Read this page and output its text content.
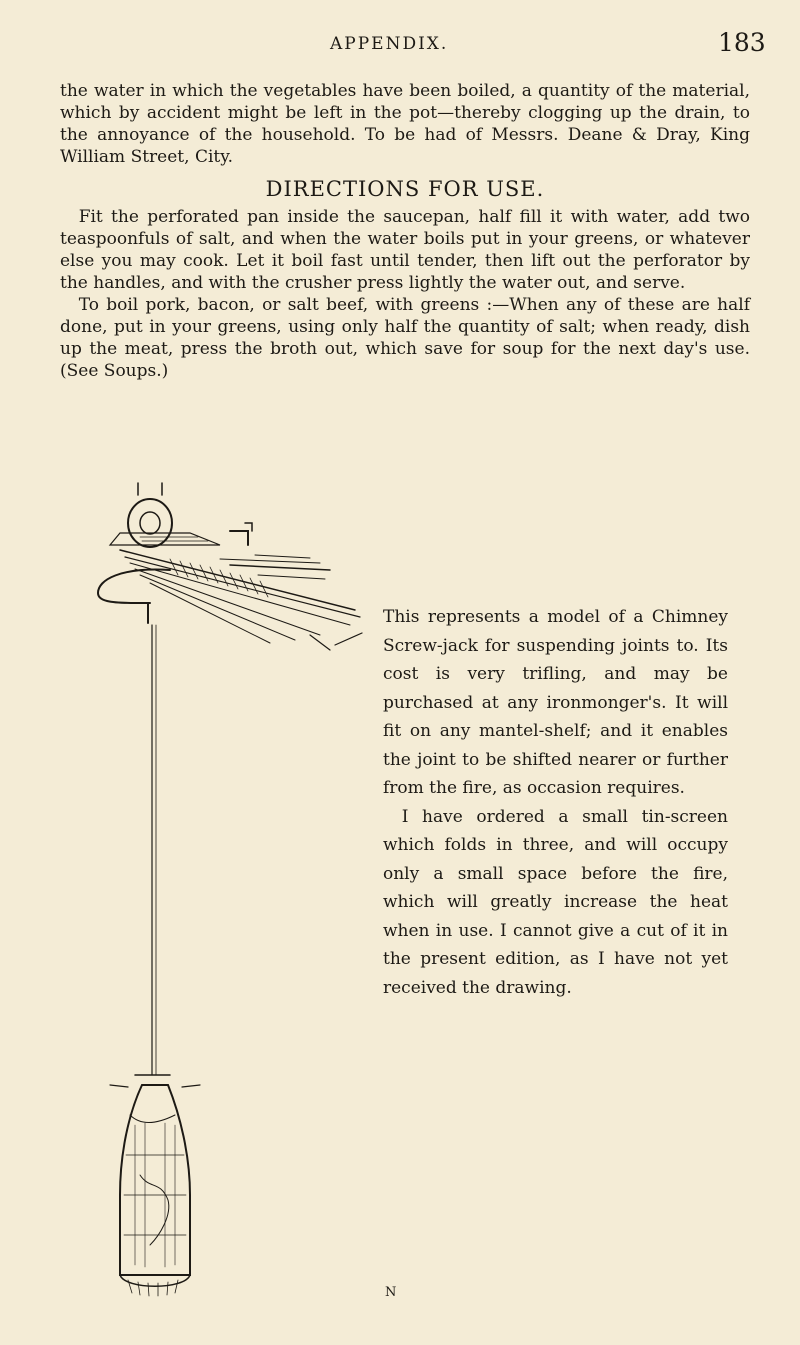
APPENDIX.	183

the water in which the vegetables have been boiled, a quantity of the material, which by accident might be left in the pot—thereby clogging up the drain, to the annoyance of the household. To be had of Messrs. Deane & Dray, King William Street, City.

DIRECTIONS FOR USE.

Fit the perforated pan inside the saucepan, half fill it with water, add two teaspoonfuls of salt, and when the water boils put in your greens, or whatever else you may cook. Let it boil fast until tender, then lift out the perforator by the handles, and with the crusher press lightly the water out, and serve.

To boil pork, bacon, or salt beef, with greens :—When any of these are half done, put in your greens, using only half the quantity of salt; when ready, dish up the meat, press the broth out, which save for soup for the next day's use. (See Soups.)

This represents a model of a Chimney Screw-jack for suspending joints to. Its cost is very trifling, and may be purchased at any ironmonger's. It will fit on any mantel-shelf; and it enables the joint to be shifted nearer or further from the fire, as occasion requires.

I have ordered a small tin-screen which folds in three, and will occupy only a small space before the fire, which will greatly increase the heat when in use. I cannot give a cut of it in the present edition, as I have not yet received the drawing.

N
